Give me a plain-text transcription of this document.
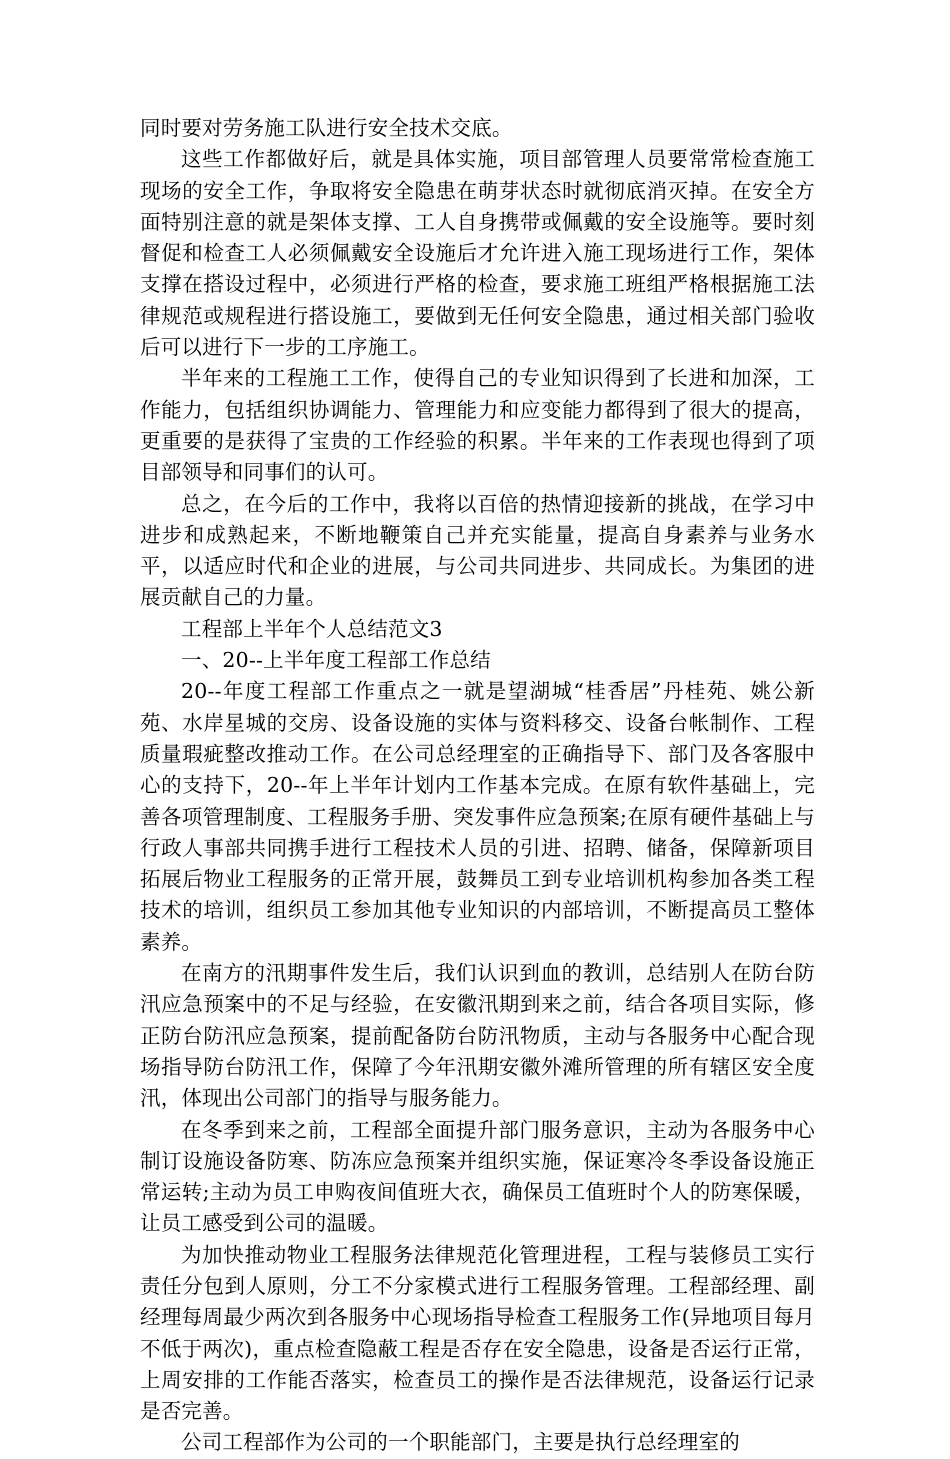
同时要对劳务施工队进行安全技术交底。

这些工作都做好后，就是具体实施，项目部管理人员要常常检查施工现场的安全工作，争取将安全隐患在萌芽状态时就彻底消灭掉。在安全方面特别注意的就是架体支撑、工人自身携带或佩戴的安全设施等。要时刻督促和检查工人必须佩戴安全设施后才允许进入施工现场进行工作，架体支撑在搭设过程中，必须进行严格的检查，要求施工班组严格根据施工法律规范或规程进行搭设施工，要做到无任何安全隐患，通过相关部门验收后可以进行下一步的工序施工。

半年来的工程施工工作，使得自己的专业知识得到了长进和加深，工作能力，包括组织协调能力、管理能力和应变能力都得到了很大的提高，更重要的是获得了宝贵的工作经验的积累。半年来的工作表现也得到了项目部领导和同事们的认可。

总之，在今后的工作中，我将以百倍的热情迎接新的挑战，在学习中进步和成熟起来，不断地鞭策自己并充实能量，提高自身素养与业务水平，以适应时代和企业的进展，与公司共同进步、共同成长。为集团的进展贡献自己的力量。

工程部上半年个人总结范文3

一、20--上半年度工程部工作总结

20--年度工程部工作重点之一就是望湖城“桂香居”丹桂苑、姚公新苑、水岸星城的交房、设备设施的实体与资料移交、设备台帐制作、工程质量瑕疵整改推动工作。在公司总经理室的正确指导下、部门及各客服中心的支持下，20--年上半年计划内工作基本完成。在原有软件基础上，完善各项管理制度、工程服务手册、突发事件应急预案;在原有硬件基础上与行政人事部共同携手进行工程技术人员的引进、招聘、储备，保障新项目拓展后物业工程服务的正常开展，鼓舞员工到专业培训机构参加各类工程技术的培训，组织员工参加其他专业知识的内部培训，不断提高员工整体素养。

在南方的汛期事件发生后，我们认识到血的教训，总结别人在防台防汛应急预案中的不足与经验，在安徽汛期到来之前，结合各项目实际，修正防台防汛应急预案，提前配备防台防汛物质，主动与各服务中心配合现场指导防台防汛工作，保障了今年汛期安徽外滩所管理的所有辖区安全度汛，体现出公司部门的指导与服务能力。

在冬季到来之前，工程部全面提升部门服务意识，主动为各服务中心制订设施设备防寒、防冻应急预案并组织实施，保证寒冷冬季设备设施正常运转;主动为员工申购夜间值班大衣，确保员工值班时个人的防寒保暖，让员工感受到公司的温暖。

为加快推动物业工程服务法律规范化管理进程，工程与装修员工实行责任分包到人原则，分工不分家模式进行工程服务管理。工程部经理、副经理每周最少两次到各服务中心现场指导检查工程服务工作(异地项目每月不低于两次)，重点检查隐蔽工程是否存在安全隐患，设备是否运行正常，上周安排的工作能否落实，检查员工的操作是否法律规范，设备运行记录是否完善。

公司工程部作为公司的一个职能部门，主要是执行总经理室的
